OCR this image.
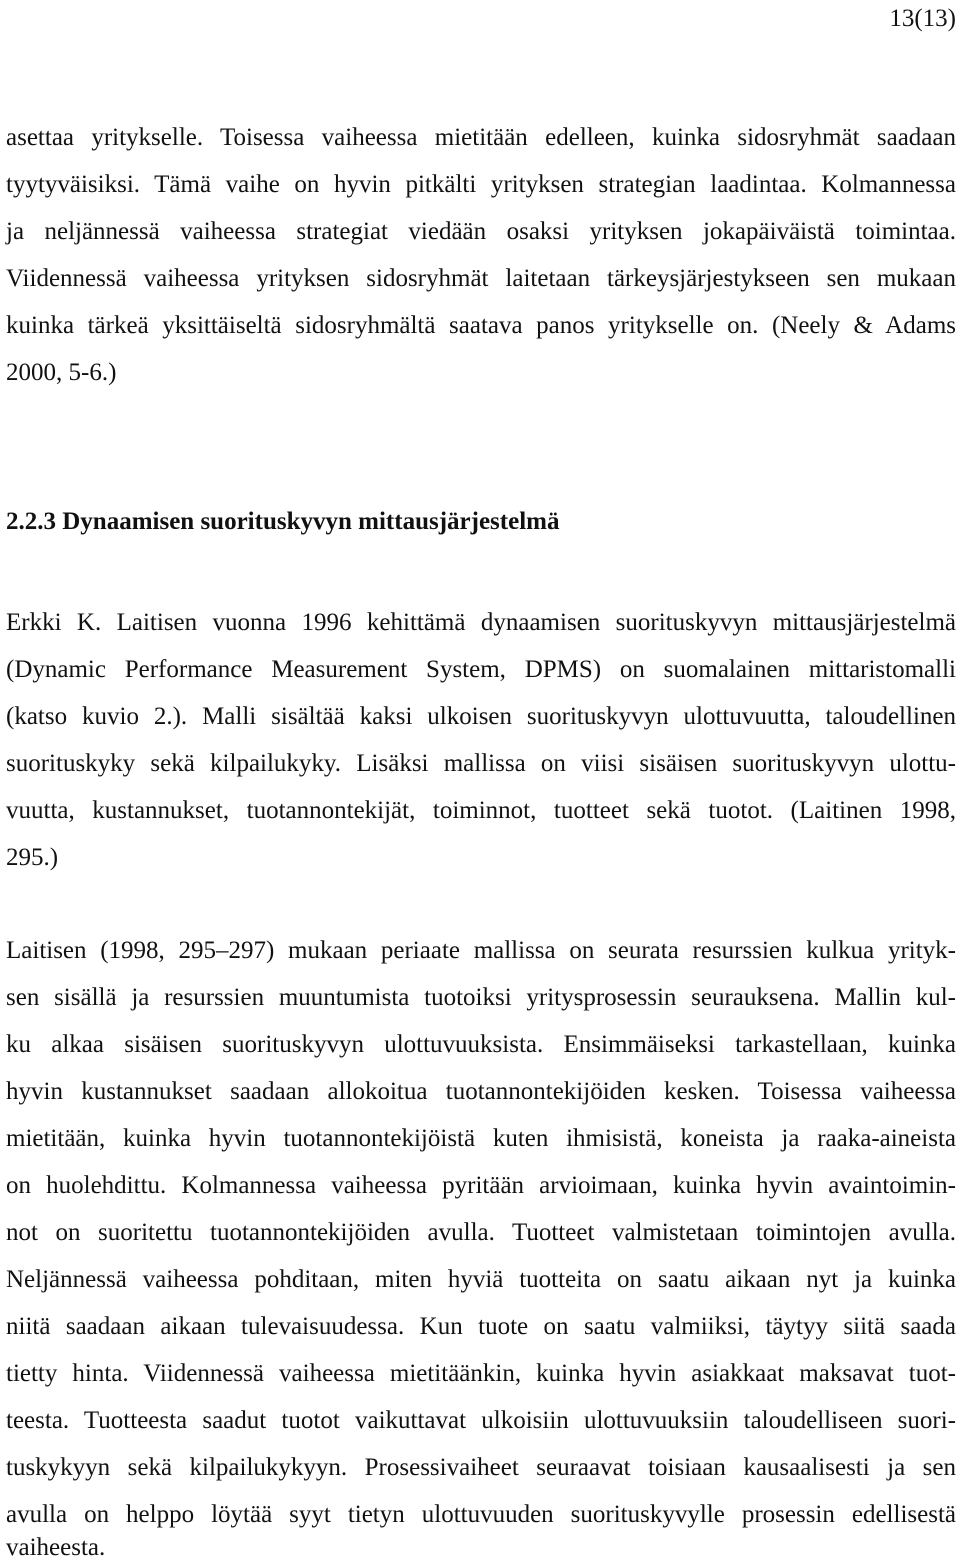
13(13)
asettaa yritykselle. Toisessa vaiheessa mietitään edelleen, kuinka sidosryhmät saadaan
tyytyväisiksi. Tämä vaihe on hyvin pitkälti yrityksen strategian laadintaa. Kolmannessa
ja neljännessä vaiheessa strategiat viedään osaksi yrityksen jokapäiväistä toimintaa.
Viidennessä vaiheessa yrityksen sidosryhmät laitetaan tärkeysjärjestykseen sen mukaan
kuinka tärkeä yksittäiseltä sidosryhmältä saatava panos yritykselle on. (Neely & Adams
2000, 5-6.)
2.2.3 Dynaamisen suorituskyvyn mittausjärjestelmä
Erkki K. Laitisen vuonna 1996 kehittämä dynaamisen suorituskyvyn mittausjärjestelmä
(Dynamic Performance Measurement System, DPMS) on suomalainen mittaristomalli
(katso kuvio 2.). Malli sisältää kaksi ulkoisen suorituskyvyn ulottuvuutta, taloudellinen
suorituskyky sekä kilpailukyky. Lisäksi mallissa on viisi sisäisen suorituskyvyn ulottu-
vuutta, kustannukset, tuotannontekijät, toiminnot, tuotteet sekä tuotot. (Laitinen 1998,
295.)
Laitisen (1998, 295–297) mukaan periaate mallissa on seurata resurssien kulkua yrityk-
sen sisällä ja resurssien muuntumista tuotoiksi yritysprosessin seurauksena. Mallin kul-
ku alkaa sisäisen suorituskyvyn ulottuvuuksista. Ensimmäiseksi tarkastellaan, kuinka
hyvin kustannukset saadaan allokoitua tuotannontekijöiden kesken. Toisessa vaiheessa
mietitään, kuinka hyvin tuotannontekijöistä kuten ihmisistä, koneista ja raaka-aineista
on huolehdittu. Kolmannessa vaiheessa pyritään arvioimaan, kuinka hyvin avaintoimin-
not on suoritettu tuotannontekijöiden avulla. Tuotteet valmistetaan toimintojen avulla.
Neljännessä vaiheessa pohditaan, miten hyviä tuotteita on saatu aikaan nyt ja kuinka
niitä saadaan aikaan tulevaisuudessa. Kun tuote on saatu valmiiksi, täytyy siitä saada
tietty hinta. Viidennessä vaiheessa mietitäänkin, kuinka hyvin asiakkaat maksavat tuot-
teesta. Tuotteesta saadut tuotot vaikuttavat ulkoisiin ulottuvuuksiin taloudelliseen suori-
tuskykyyn sekä kilpailukykyyn. Prosessivaiheet seuraavat toisiaan kausaalisesti ja sen
avulla on helppo löytää syyt tietyn ulottuvuuden suorituskyvylle prosessin edellisestä
vaiheesta.
